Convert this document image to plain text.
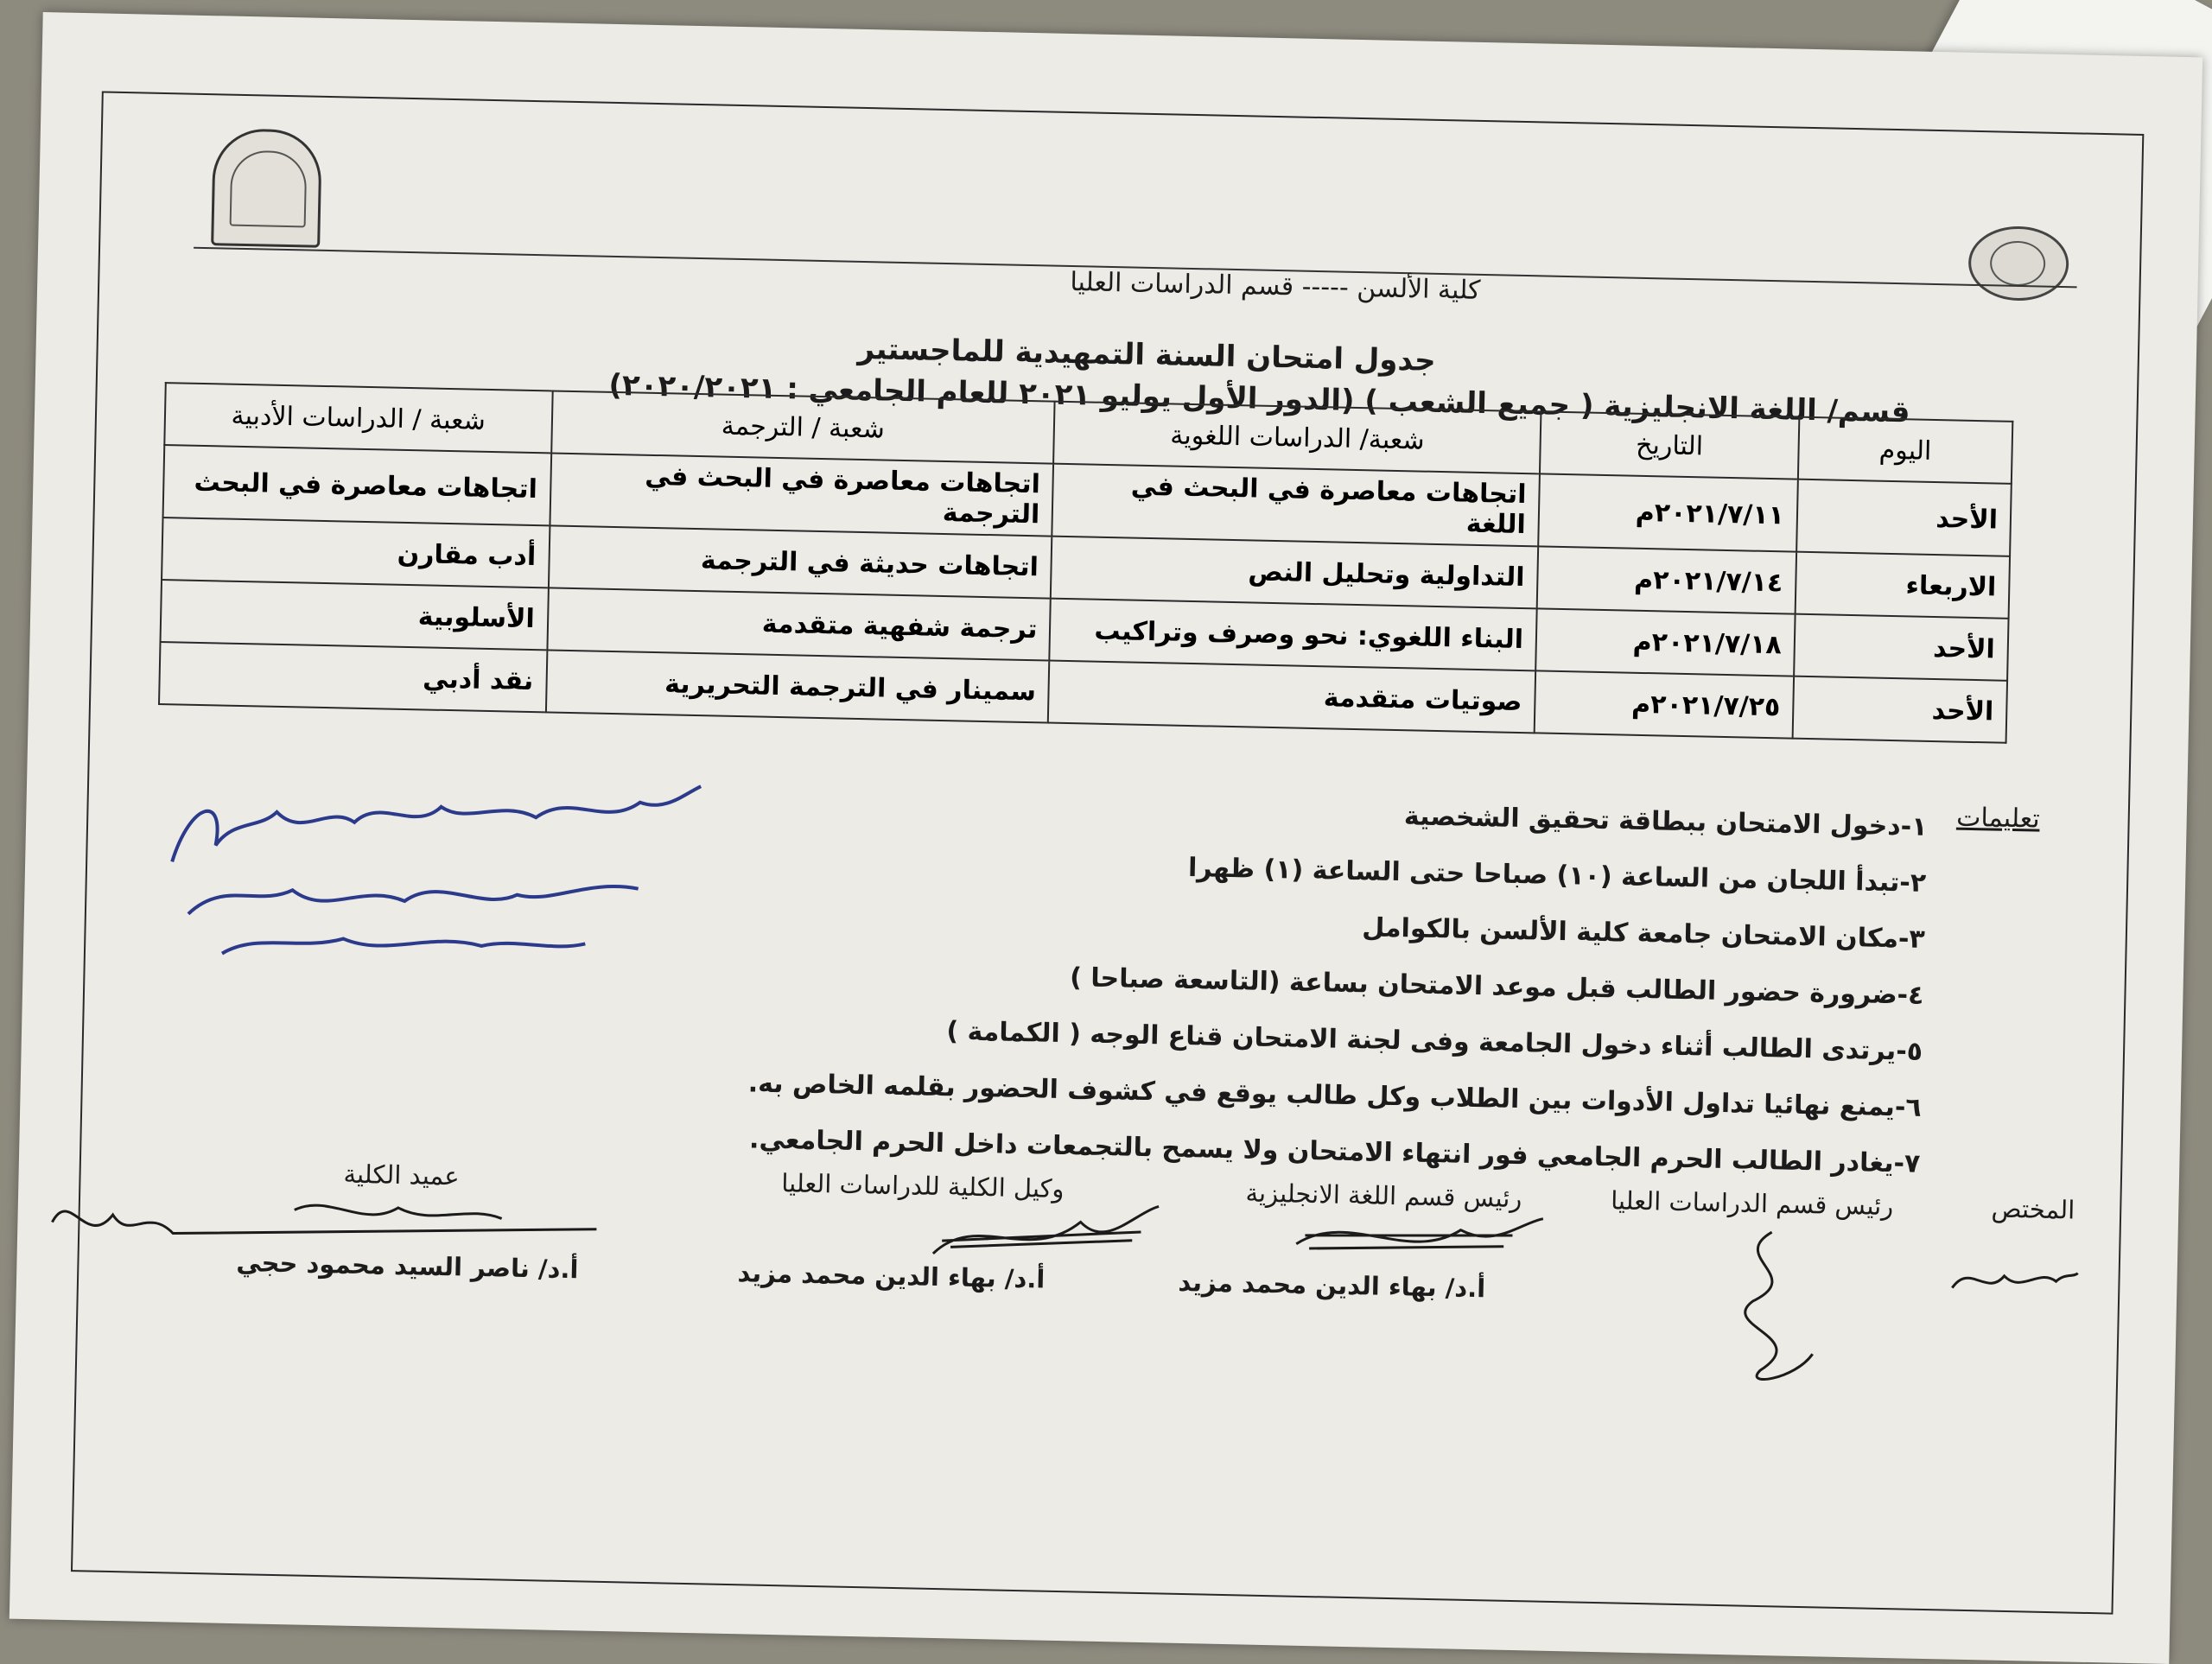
كلية الألسن ----- قسم الدراسات العليا
جدول امتحان السنة التمهيدية للماجستير
قسم/ اللغة الانجليزية ( جميع الشعب ) (الدور الأول يوليو ٢٠٢١ للعام الجامعي : ٢٠٢٠/٢٠٢١)
اليوم	التاريخ	شعبة/ الدراسات اللغوية	شعبة / الترجمة	شعبة / الدراسات الأدبية
الأحد	٢٠٢١/٧/١١م	اتجاهات معاصرة في البحث في اللغة	اتجاهات معاصرة في البحث في الترجمة	اتجاهات معاصرة في البحث
الاربعاء	٢٠٢١/٧/١٤م	التداولية وتحليل النص	اتجاهات حديثة في الترجمة	أدب مقارن
الأحد	٢٠٢١/٧/١٨م	البناء اللغوي: نحو وصرف وتراكيب	ترجمة شفهية متقدمة	الأسلوبية
الأحد	٢٠٢١/٧/٢٥م	صوتيات متقدمة	سمينار في الترجمة التحريرية	نقد أدبي
تعليمات
١-دخول الامتحان ببطاقة تحقيق الشخصية
٢-تبدأ اللجان من الساعة (١٠) صباحا حتى الساعة (١) ظهرا
٣-مكان الامتحان جامعة كلية الألسن بالكوامل
٤-ضرورة حضور الطالب قبل موعد الامتحان بساعة (التاسعة صباحا )
٥-يرتدى الطالب أثناء دخول الجامعة وفى لجنة الامتحان قناع الوجه ( الكمامة )
٦-يمنع نهائيا تداول الأدوات بين الطلاب وكل طالب يوقع في كشوف الحضور بقلمه الخاص به.
٧-يغادر الطالب الحرم الجامعي فور انتهاء الامتحان ولا يسمح بالتجمعات داخل الحرم الجامعي.
عميد الكلية	وكيل الكلية للدراسات العليا	رئيس قسم اللغة الانجليزية	رئيس قسم الدراسات العليا	المختص
أ.د/ ناصر السيد محمود حجي	أ.د/ بهاء الدين محمد مزيد	أ.د/ بهاء الدين محمد مزيد
